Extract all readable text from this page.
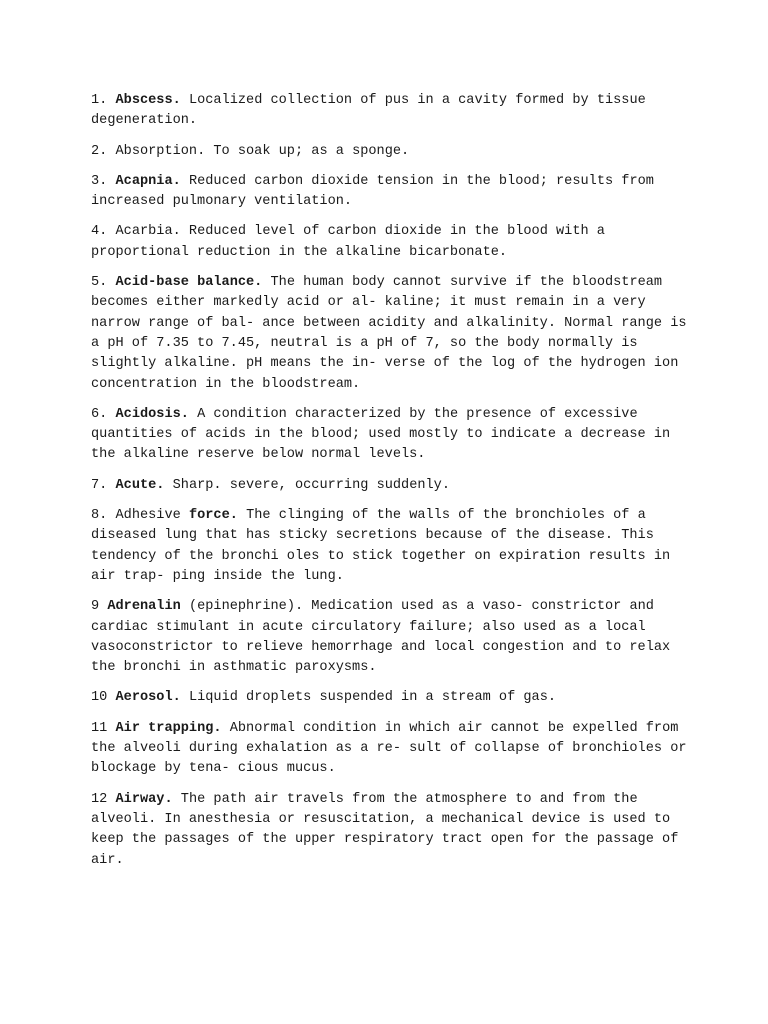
1. Abscess. Localized collection of pus in a cavity formed by tissue degeneration.

2. Absorption. To soak up; as a sponge.

3. Acapnia. Reduced carbon dioxide tension in the blood; results from increased pulmonary ventilation.

4. Acarbia. Reduced level of carbon dioxide in the blood with a proportional reduction in the alkaline bicarbonate.

5. Acid-base balance. The human body cannot survive if the bloodstream becomes either markedly acid or al- kaline; it must remain in a very narrow range of bal- ance between acidity and alkalinity. Normal range is a pH of 7.35 to 7.45, neutral is a pH of 7, so the body normally is slightly alkaline. pH means the in- verse of the log of the hydrogen ion concentration in the bloodstream.

6. Acidosis. A condition characterized by the presence of excessive quantities of acids in the blood; used mostly to indicate a decrease in the alkaline reserve below normal levels.

7. Acute. Sharp. severe, occurring suddenly.

8. Adhesive force. The clinging of the walls of the bronchioles of a diseased lung that has sticky secretions because of the disease. This tendency of the bronchi oles to stick together on expiration results in air trap- ping inside the lung.

9 Adrenalin (epinephrine). Medication used as a vaso- constrictor and cardiac stimulant in acute circulatory failure; also used as a local vasoconstrictor to relieve hemorrhage and local congestion and to relax the bronchi in asthmatic paroxysms.

10 Aerosol. Liquid droplets suspended in a stream of gas.

11 Air trapping. Abnormal condition in which air cannot be expelled from the alveoli during exhalation as a re- sult of collapse of bronchioles or blockage by tena- cious mucus.

12 Airway. The path air travels from the atmosphere to and from the alveoli. In anesthesia or resuscitation, a mechanical device is used to keep the passages of the upper respiratory tract open for the passage of air.
